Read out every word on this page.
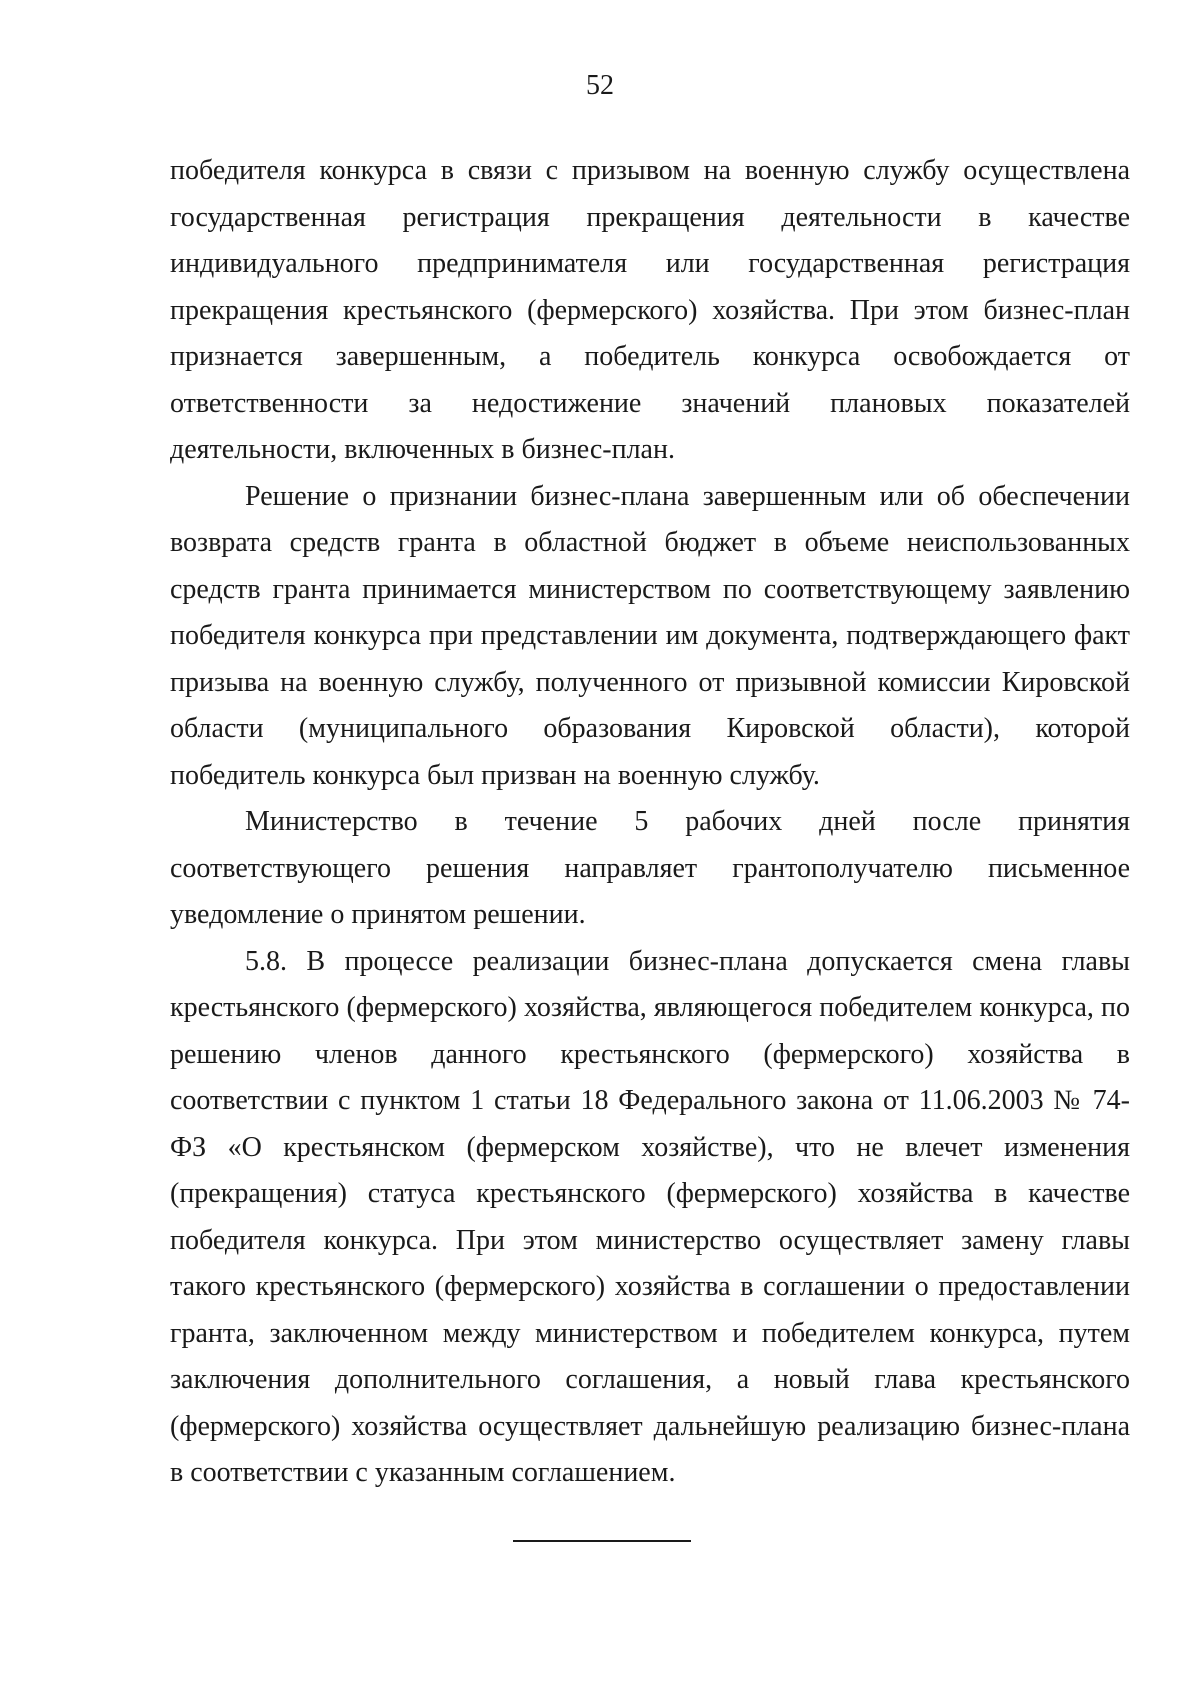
52

победителя конкурса в связи с призывом на военную службу осуществлена государственная регистрация прекращения деятельности в качестве индивидуального предпринимателя или государственная регистрация прекращения крестьянского (фермерского) хозяйства. При этом бизнес-план признается завершенным, а победитель конкурса освобождается от ответственности за недостижение значений плановых показателей деятельности, включенных в бизнес-план.

Решение о признании бизнес-плана завершенным или об обеспечении возврата средств гранта в областной бюджет в объеме неиспользованных средств гранта принимается министерством по соответствующему заявлению победителя конкурса при представлении им документа, подтверждающего факт призыва на военную службу, полученного от призывной комиссии Кировской области (муниципального образования Кировской области), которой победитель конкурса был призван на военную службу.

Министерство в течение 5 рабочих дней после принятия соответствующего решения направляет грантополучателю письменное уведомление о принятом решении.

5.8. В процессе реализации бизнес-плана допускается смена главы крестьянского (фермерского) хозяйства, являющегося победителем конкурса, по решению членов данного крестьянского (фермерского) хозяйства в соответствии с пунктом 1 статьи 18 Федерального закона от 11.06.2003 № 74-ФЗ «О крестьянском (фермерском хозяйстве), что не влечет изменения (прекращения) статуса крестьянского (фермерского) хозяйства в качестве победителя конкурса. При этом министерство осуществляет замену главы такого крестьянского (фермерского) хозяйства в соглашении о предоставлении гранта, заключенном между министерством и победителем конкурса, путем заключения дополнительного соглашения, а новый глава крестьянского (фермерского) хозяйства осуществляет дальнейшую реализацию бизнес-плана в соответствии с указанным соглашением.
